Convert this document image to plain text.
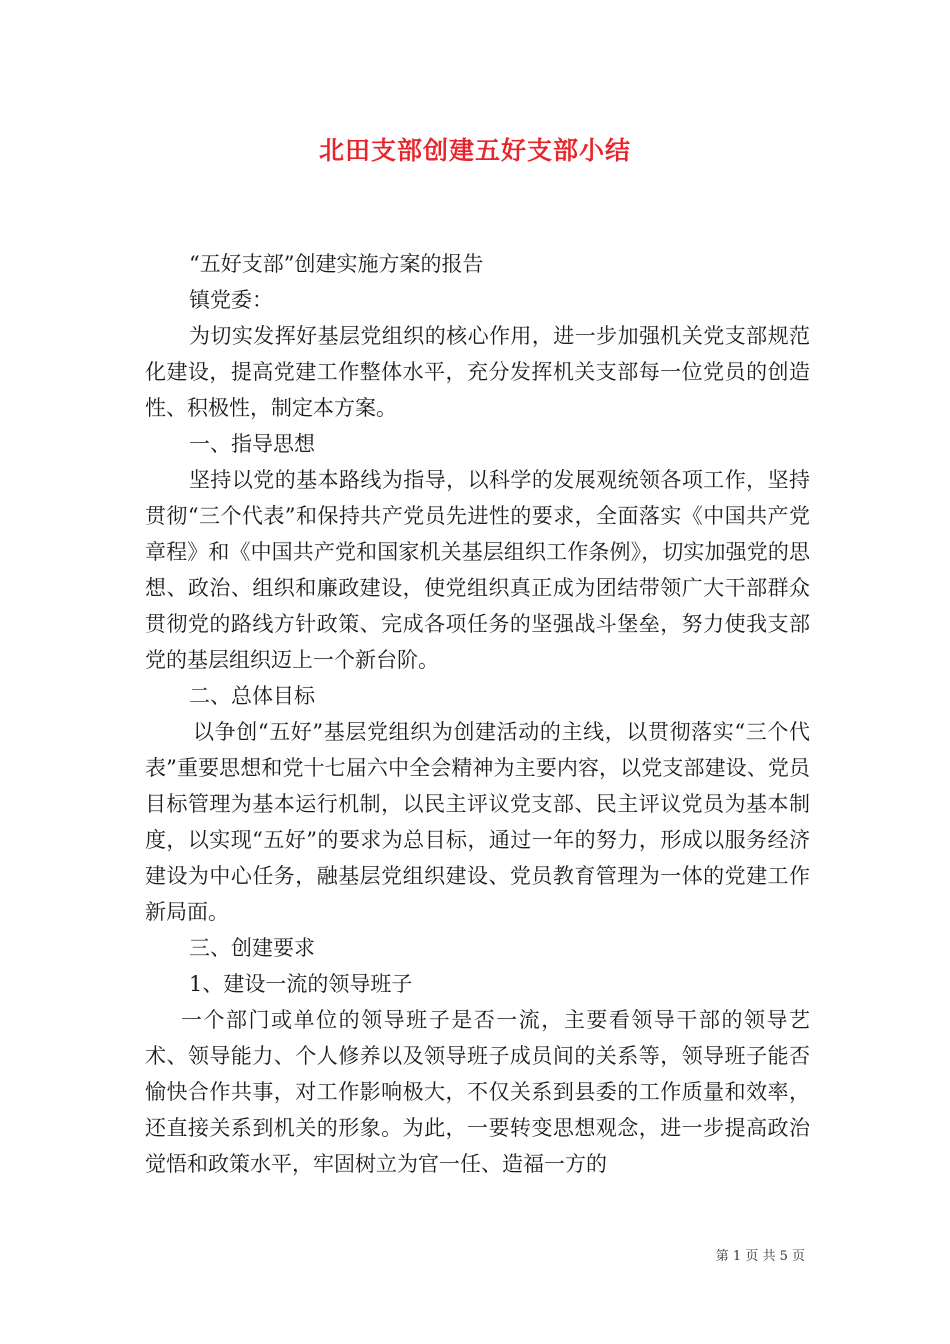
北田支部创建五好支部小结

“五好支部”创建实施方案的报告

镇党委：

为切实发挥好基层党组织的核心作用，进一步加强机关党支部规范化建设，提高党建工作整体水平，充分发挥机关支部每一位党员的创造性、积极性，制定本方案。

一、指导思想

坚持以党的基本路线为指导，以科学的发展观统领各项工作，坚持贯彻“三个代表”和保持共产党员先进性的要求，全面落实《中国共产党章程》和《中国共产党和国家机关基层组织工作条例》，切实加强党的思想、政治、组织和廉政建设，使党组织真正成为团结带领广大干部群众贯彻党的路线方针政策、完成各项任务的坚强战斗堡垒，努力使我支部党的基层组织迈上一个新台阶。

二、总体目标

以争创“五好”基层党组织为创建活动的主线，以贯彻落实“三个代表”重要思想和党十七届六中全会精神为主要内容，以党支部建设、党员目标管理为基本运行机制，以民主评议党支部、民主评议党员为基本制度，以实现“五好”的要求为总目标，通过一年的努力，形成以服务经济建设为中心任务，融基层党组织建设、党员教育管理为一体的党建工作新局面。

三、创建要求

1、建设一流的领导班子

一个部门或单位的领导班子是否一流，主要看领导干部的领导艺术、领导能力、个人修养以及领导班子成员间的关系等，领导班子能否愉快合作共事，对工作影响极大，不仅关系到县委的工作质量和效率，还直接关系到机关的形象。为此，一要转变思想观念，进一步提高政治觉悟和政策水平，牢固树立为官一任、造福一方的

第 1 页 共 5 页
